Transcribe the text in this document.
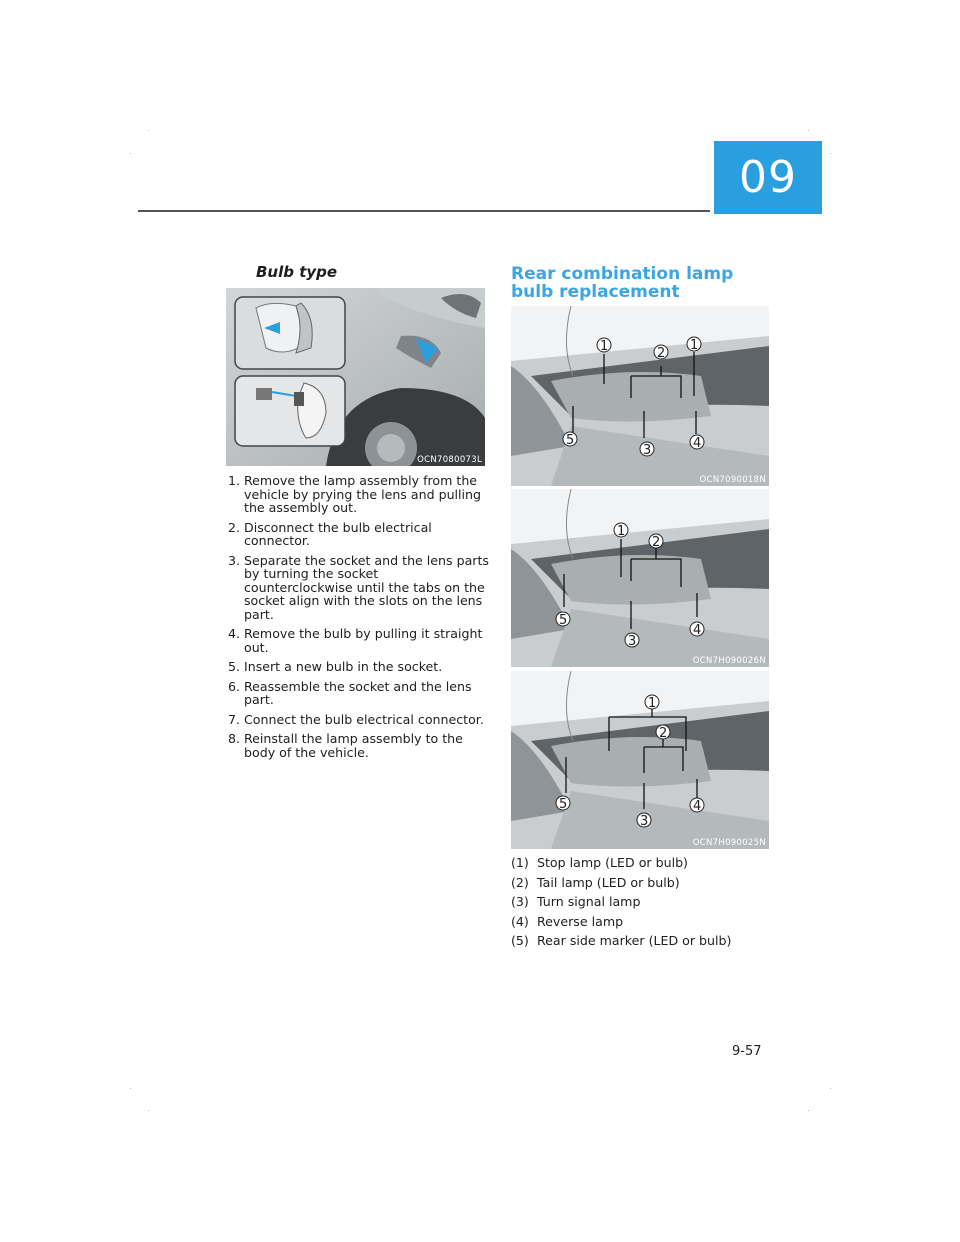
09
Bulb type
OCN7080073L
1. Remove the lamp assembly from the vehicle by prying the lens and pulling the assembly out.
2. Disconnect the bulb electrical connector.
3. Separate the socket and the lens parts by turning the socket counterclockwise until the tabs on the socket align with the slots on the lens part.
4. Remove the bulb by pulling it straight out.
5. Insert a new bulb in the socket.
6. Reassemble the socket and the lens part.
7. Connect the bulb electrical connector.
8. Reinstall the lamp assembly to the body of the vehicle.
Rear combination lamp bulb replacement
1	2
1
5
3	4
OCN7090018N
1
2
5
3
4
OCN7H090026N
1
2
5
3
4
OCN7H090025N
(1) Stop lamp (LED or bulb)
(2) Tail lamp (LED or bulb)
(3) Turn signal lamp
(4) Reverse lamp
(5) Rear side marker (LED or bulb)
9-57
